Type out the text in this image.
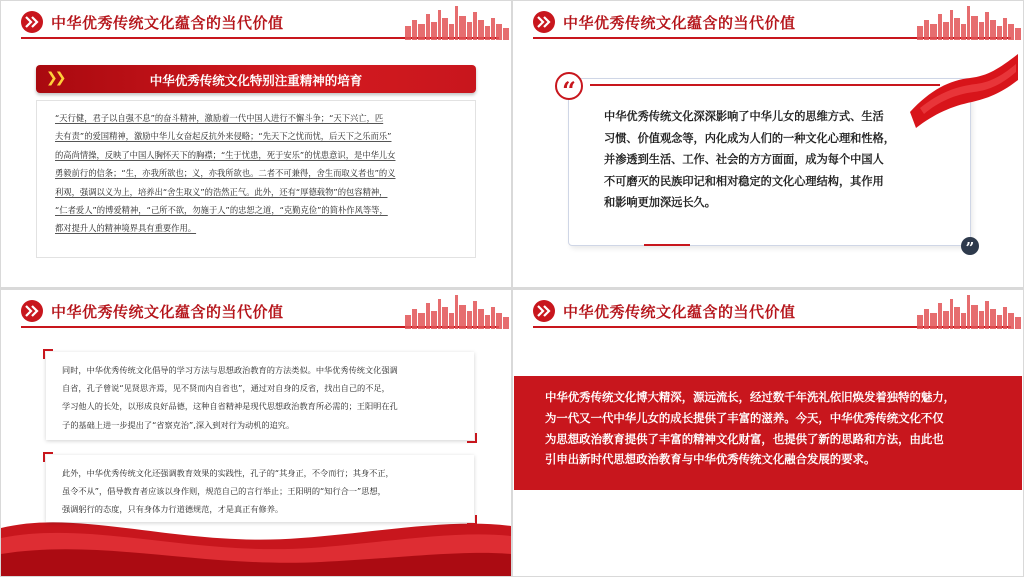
中华优秀传统文化蕴含的当代价值
❯❯	中华优秀传统文化特别注重精神的培育

“天行健，君子以自强不息”的奋斗精神，激励着一代中国人进行不懈斗争；“天下兴亡，匹

夫有责”的爱国精神，激励中华儿女奋起反抗外来侵略；“先天下之忧而忧，后天下之乐而乐”

的高尚情操，反映了中国人胸怀天下的胸襟；“生于忧患，死于安乐”的忧患意识，是中华儿女

勇毅前行的信条；“生，亦我所欲也；义，亦我所欲也。二者不可兼得，舍生而取义者也”的义

利观，强调以义为上，培养出“舍生取义”的浩然正气。此外，还有“厚德载物”的包容精神，

“仁者爱人”的博爱精神，“己所不欲，勿施于人”的忠恕之道，“克勤克俭”的简朴作风等等，

都对提升人的精神境界具有重要作用。

中华优秀传统文化蕴含的当代价值
“
中华优秀传统文化深深影响了中华儿女的思维方式、生活
习惯、价值观念等，内化成为人们的一种文化心理和性格，
并渗透到生活、工作、社会的方方面面，成为每个中国人
不可磨灭的民族印记和相对稳定的文化心理结构，其作用
和影响更加深远长久。
”
中华优秀传统文化蕴含的当代价值

同时，中华优秀传统文化倡导的学习方法与思想政治教育的方法类似。中华优秀传统文化强调

自省，孔子曾说“见贤思齐焉，见不贤而内自省也”，通过对自身的反省，找出自己的不足，

学习他人的长处，以形成良好品德，这种自省精神是现代思想政治教育所必需的；王阳明在孔

子的基础上进一步提出了“省察克治”,深入到对行为动机的追究。

此外，中华优秀传统文化还强调教育效果的实践性，孔子的“其身正，不令而行；其身不正，

虽令不从”，倡导教育者应该以身作则，规范自己的言行举止；王阳明的“知行合一”思想，

强调躬行的态度，只有身体力行道德规范，才是真正有修养。

中华优秀传统文化蕴含的当代价值
中华优秀传统文化博大精深，源远流长，经过数千年洗礼依旧焕发着独特的魅力，
为一代又一代中华儿女的成长提供了丰富的滋养。今天，中华优秀传统文化不仅
为思想政治教育提供了丰富的精神文化财富，也提供了新的思路和方法，由此也
引申出新时代思想政治教育与中华优秀传统文化融合发展的要求。
